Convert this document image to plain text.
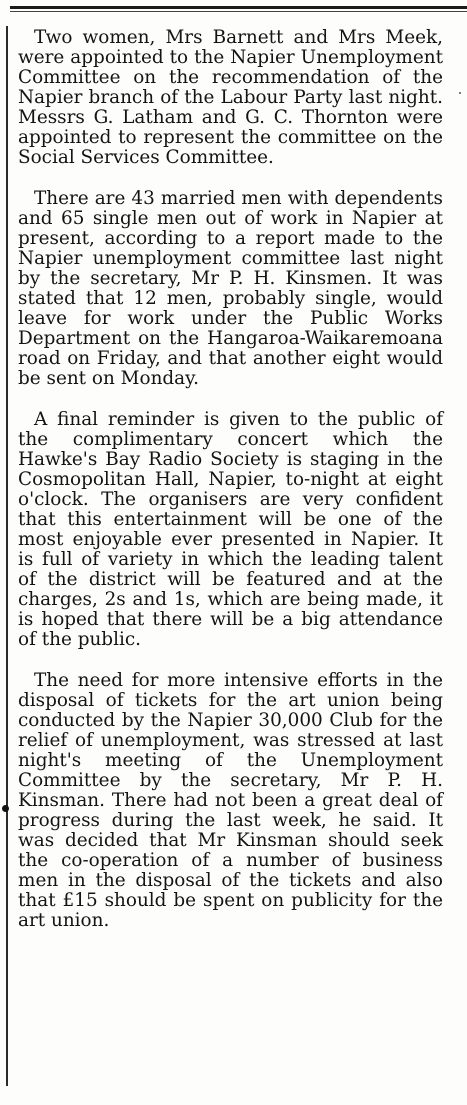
Two women, Mrs Barnett and Mrs Meek, were appointed to the Napier Unemployment Committee on the recommendation of the Napier branch of the Labour Party last night. Messrs G. Latham and G. C. Thornton were appointed to represent the committee on the Social Services Committee.

There are 43 married men with dependents and 65 single men out of work in Napier at present, according to a report made to the Napier unemployment committee last night by the secretary, Mr P. H. Kinsmen. It was stated that 12 men, probably single, would leave for work under the Public Works Department on the Hangaroa-Waikaremoana road on Friday, and that another eight would be sent on Monday.

A final reminder is given to the public of the complimentary concert which the Hawke's Bay Radio Society is staging in the Cosmopolitan Hall, Napier, to-night at eight o'clock. The organisers are very confident that this entertainment will be one of the most enjoyable ever presented in Napier. It is full of variety in which the leading talent of the district will be featured and at the charges, 2s and 1s, which are being made, it is hoped that there will be a big attendance of the public.

The need for more intensive efforts in the disposal of tickets for the art union being conducted by the Napier 30,000 Club for the relief of unemployment, was stressed at last night's meeting of the Unemployment Committee by the secretary, Mr P. H. Kinsman. There had not been a great deal of progress during the last week, he said. It was decided that Mr Kinsman should seek the co-operation of a number of business men in the disposal of the tickets and also that £15 should be spent on publicity for the art union.
